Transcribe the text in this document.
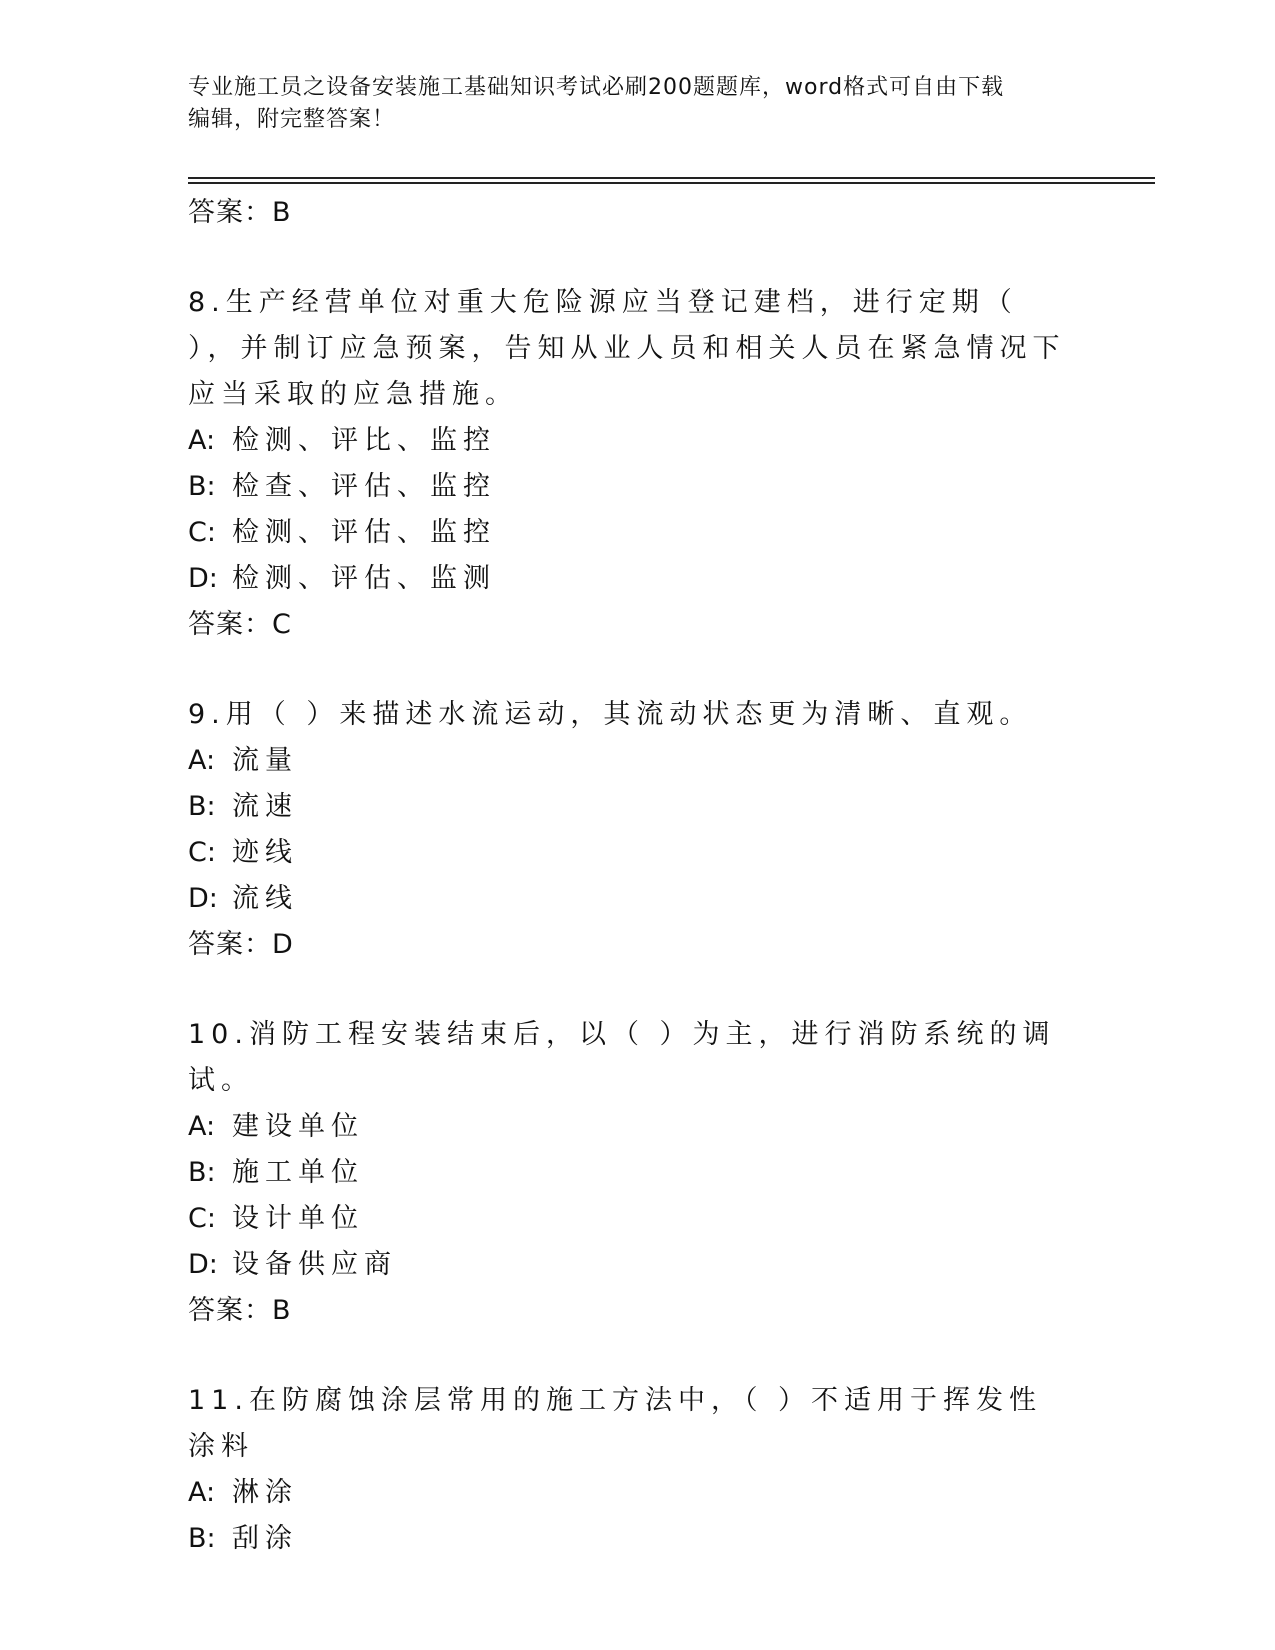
专业施工员之设备安装施工基础知识考试必刷200题题库，word格式可自由下载
编辑，附完整答案！
答案：B
8.生产经营单位对重大危险源应当登记建档，进行定期（ ），并制订应急预案，告知从业人员和相关人员在紧急情况下应当采取的应急措施。
A: 检测、评比、监控
B: 检查、评估、监控
C: 检测、评估、监控
D: 检测、评估、监测
答案：C
9.用（ ）来描述水流运动，其流动状态更为清晰、直观。
A: 流量
B: 流速
C: 迹线
D: 流线
答案：D
10.消防工程安装结束后，以（ ）为主，进行消防系统的调试。
A: 建设单位
B: 施工单位
C: 设计单位
D: 设备供应商
答案：B
11.在防腐蚀涂层常用的施工方法中，（ ）不适用于挥发性涂料
A: 淋涂
B: 刮涂
